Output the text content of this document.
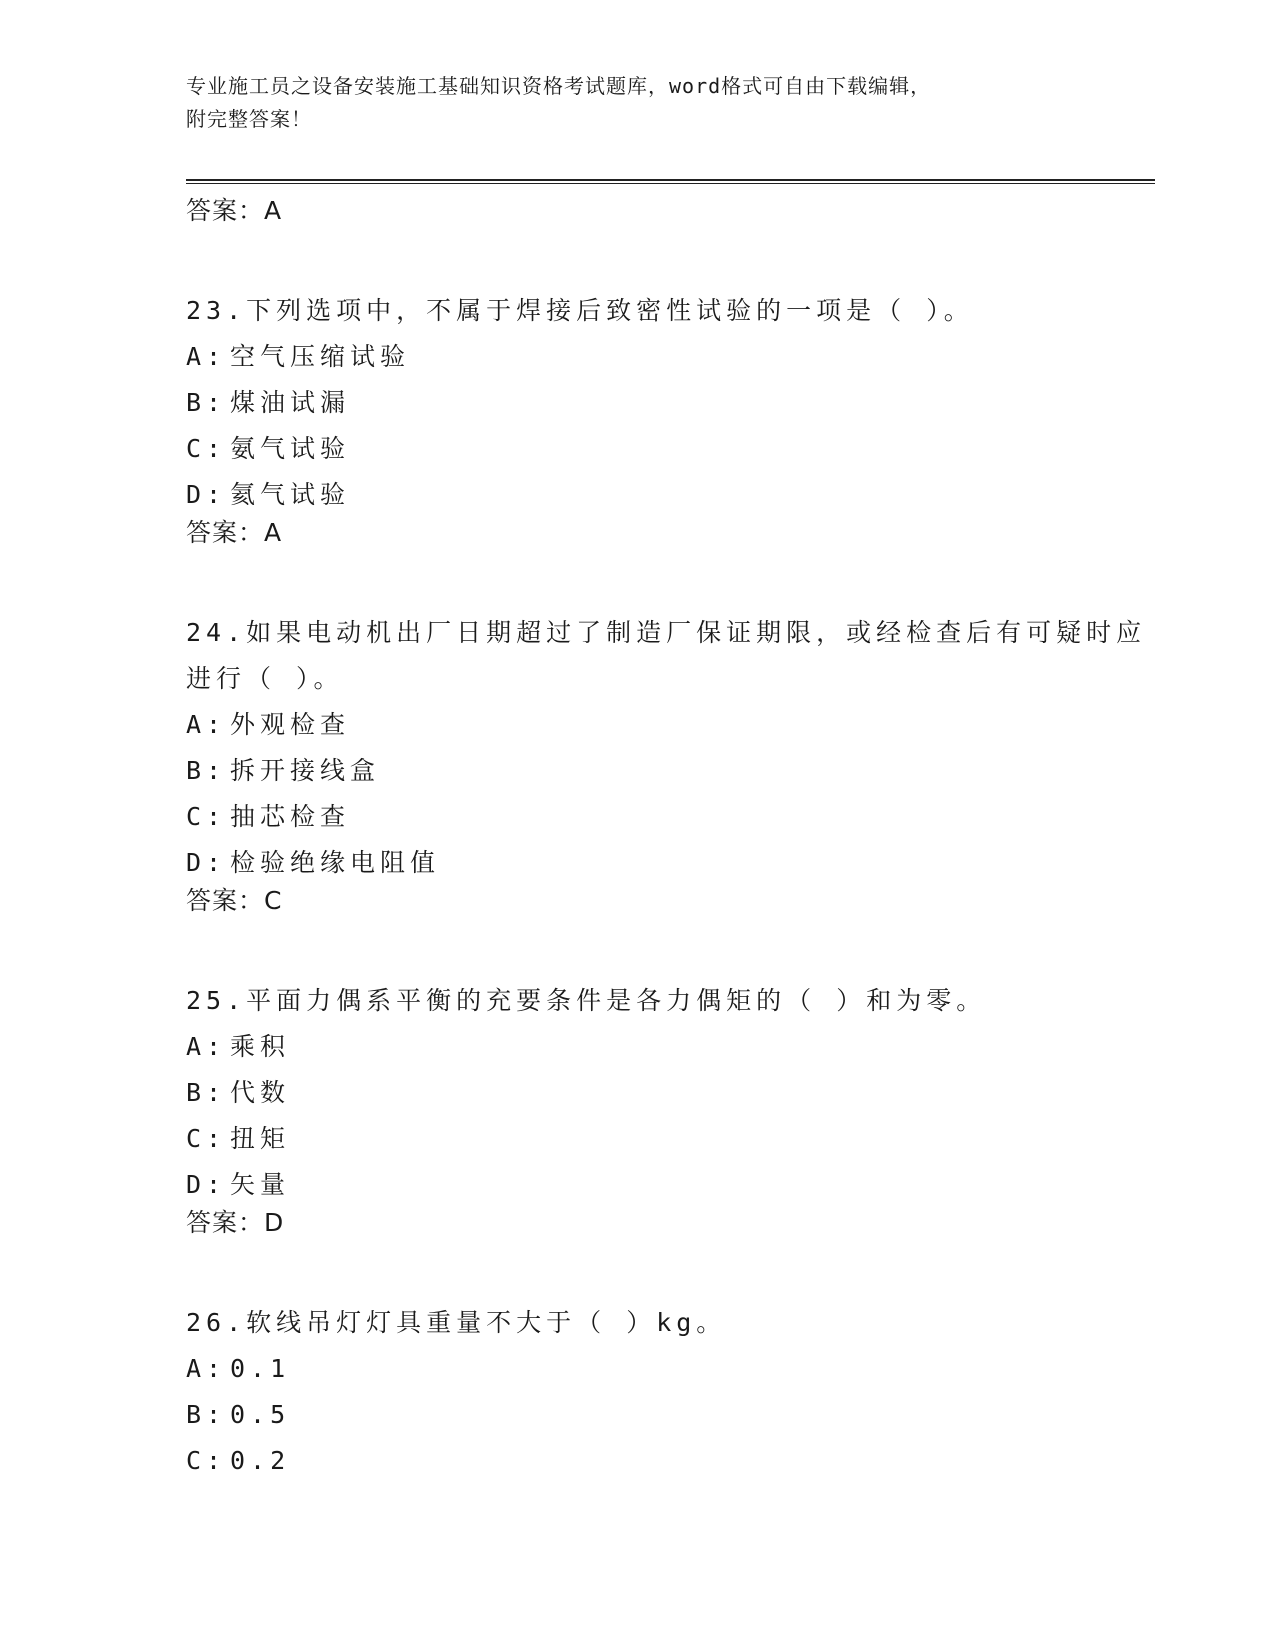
专业施工员之设备安装施工基础知识资格考试题库，word格式可自由下载编辑，
附完整答案！

答案：A

23.下列选项中，不属于焊接后致密性试验的一项是（ ）。

A: 空气压缩试验

B: 煤油试漏

C: 氨气试验

D: 氦气试验

答案：A

24.如果电动机出厂日期超过了制造厂保证期限，或经检查后有可疑时应进行（ ）。

A: 外观检查

B: 拆开接线盒

C: 抽芯检查

D: 检验绝缘电阻值

答案：C

25.平面力偶系平衡的充要条件是各力偶矩的（ ）和为零。

A: 乘积

B: 代数

C: 扭矩

D: 矢量

答案：D

26.软线吊灯灯具重量不大于（ ）kg。

A: 0.1

B: 0.5

C: 0.2
